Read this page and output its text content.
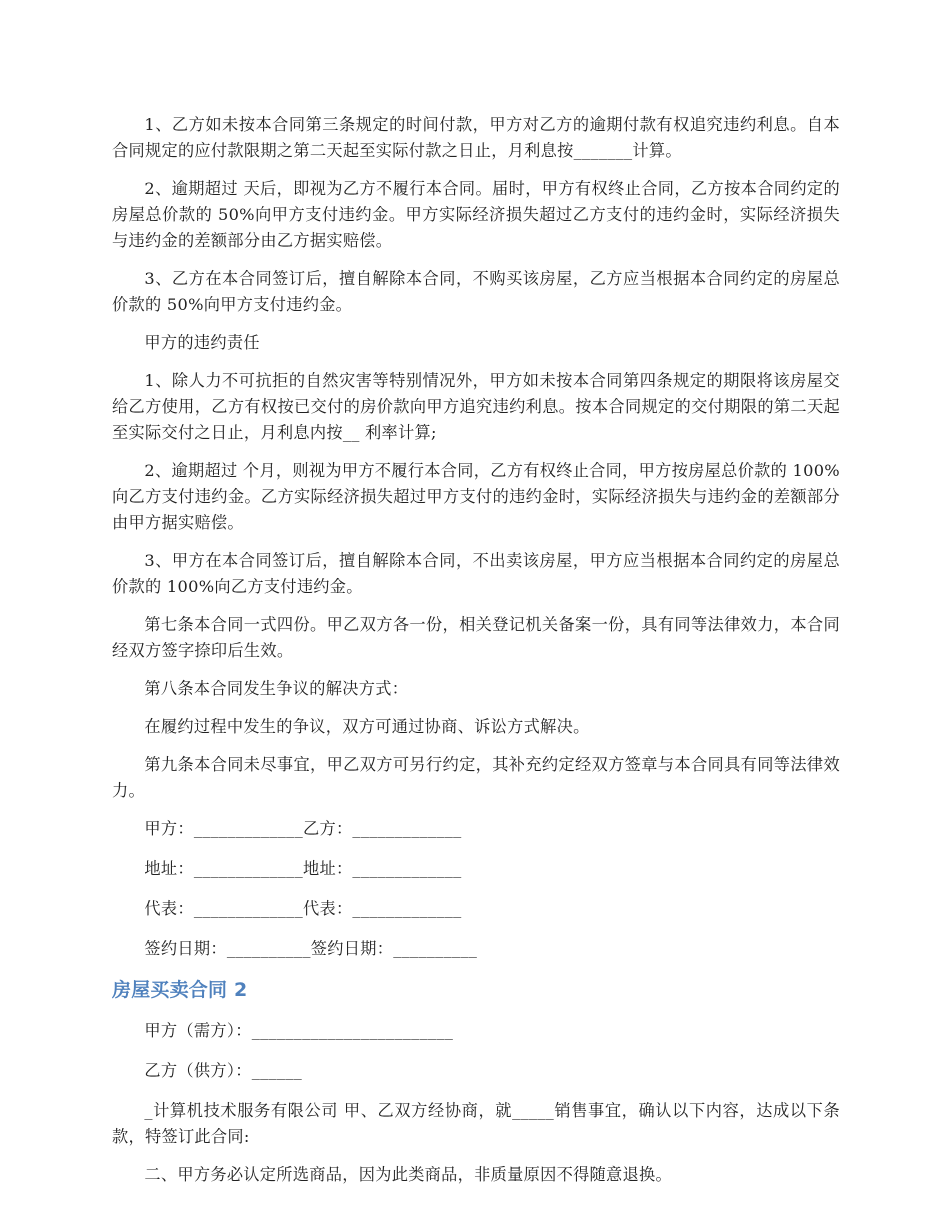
1、乙方如未按本合同第三条规定的时间付款，甲方对乙方的逾期付款有权追究违约利息。自本合同规定的应付款限期之第二天起至实际付款之日止，月利息按_______计算。

2、逾期超过 天后，即视为乙方不履行本合同。届时，甲方有权终止合同，乙方按本合同约定的房屋总价款的 50%向甲方支付违约金。甲方实际经济损失超过乙方支付的违约金时，实际经济损失与违约金的差额部分由乙方据实赔偿。

3、乙方在本合同签订后，擅自解除本合同，不购买该房屋，乙方应当根据本合同约定的房屋总价款的 50%向甲方支付违约金。

甲方的违约责任

1、除人力不可抗拒的自然灾害等特别情况外，甲方如未按本合同第四条规定的期限将该房屋交给乙方使用，乙方有权按已交付的房价款向甲方追究违约利息。按本合同规定的交付期限的第二天起至实际交付之日止，月利息内按__ 利率计算;

2、逾期超过 个月，则视为甲方不履行本合同，乙方有权终止合同，甲方按房屋总价款的 100%向乙方支付违约金。乙方实际经济损失超过甲方支付的违约金时，实际经济损失与违约金的差额部分由甲方据实赔偿。

3、甲方在本合同签订后，擅自解除本合同，不出卖该房屋，甲方应当根据本合同约定的房屋总价款的 100%向乙方支付违约金。

第七条本合同一式四份。甲乙双方各一份，相关登记机关备案一份，具有同等法律效力，本合同经双方签字捺印后生效。

第八条本合同发生争议的解决方式：

在履约过程中发生的争议，双方可通过协商、诉讼方式解决。

第九条本合同未尽事宜，甲乙双方可另行约定，其补充约定经双方签章与本合同具有同等法律效力。

甲方：_____________乙方：_____________

地址：_____________地址：_____________

代表：_____________代表：_____________

签约日期：__________签约日期：__________

房屋买卖合同 2

甲方（需方）：________________________

乙方（供方）：______

_计算机技术服务有限公司 甲、乙双方经协商，就_____销售事宜，确认以下内容，达成以下条款，特签订此合同:

二、甲方务必认定所选商品，因为此类商品，非质量原因不得随意退换。
